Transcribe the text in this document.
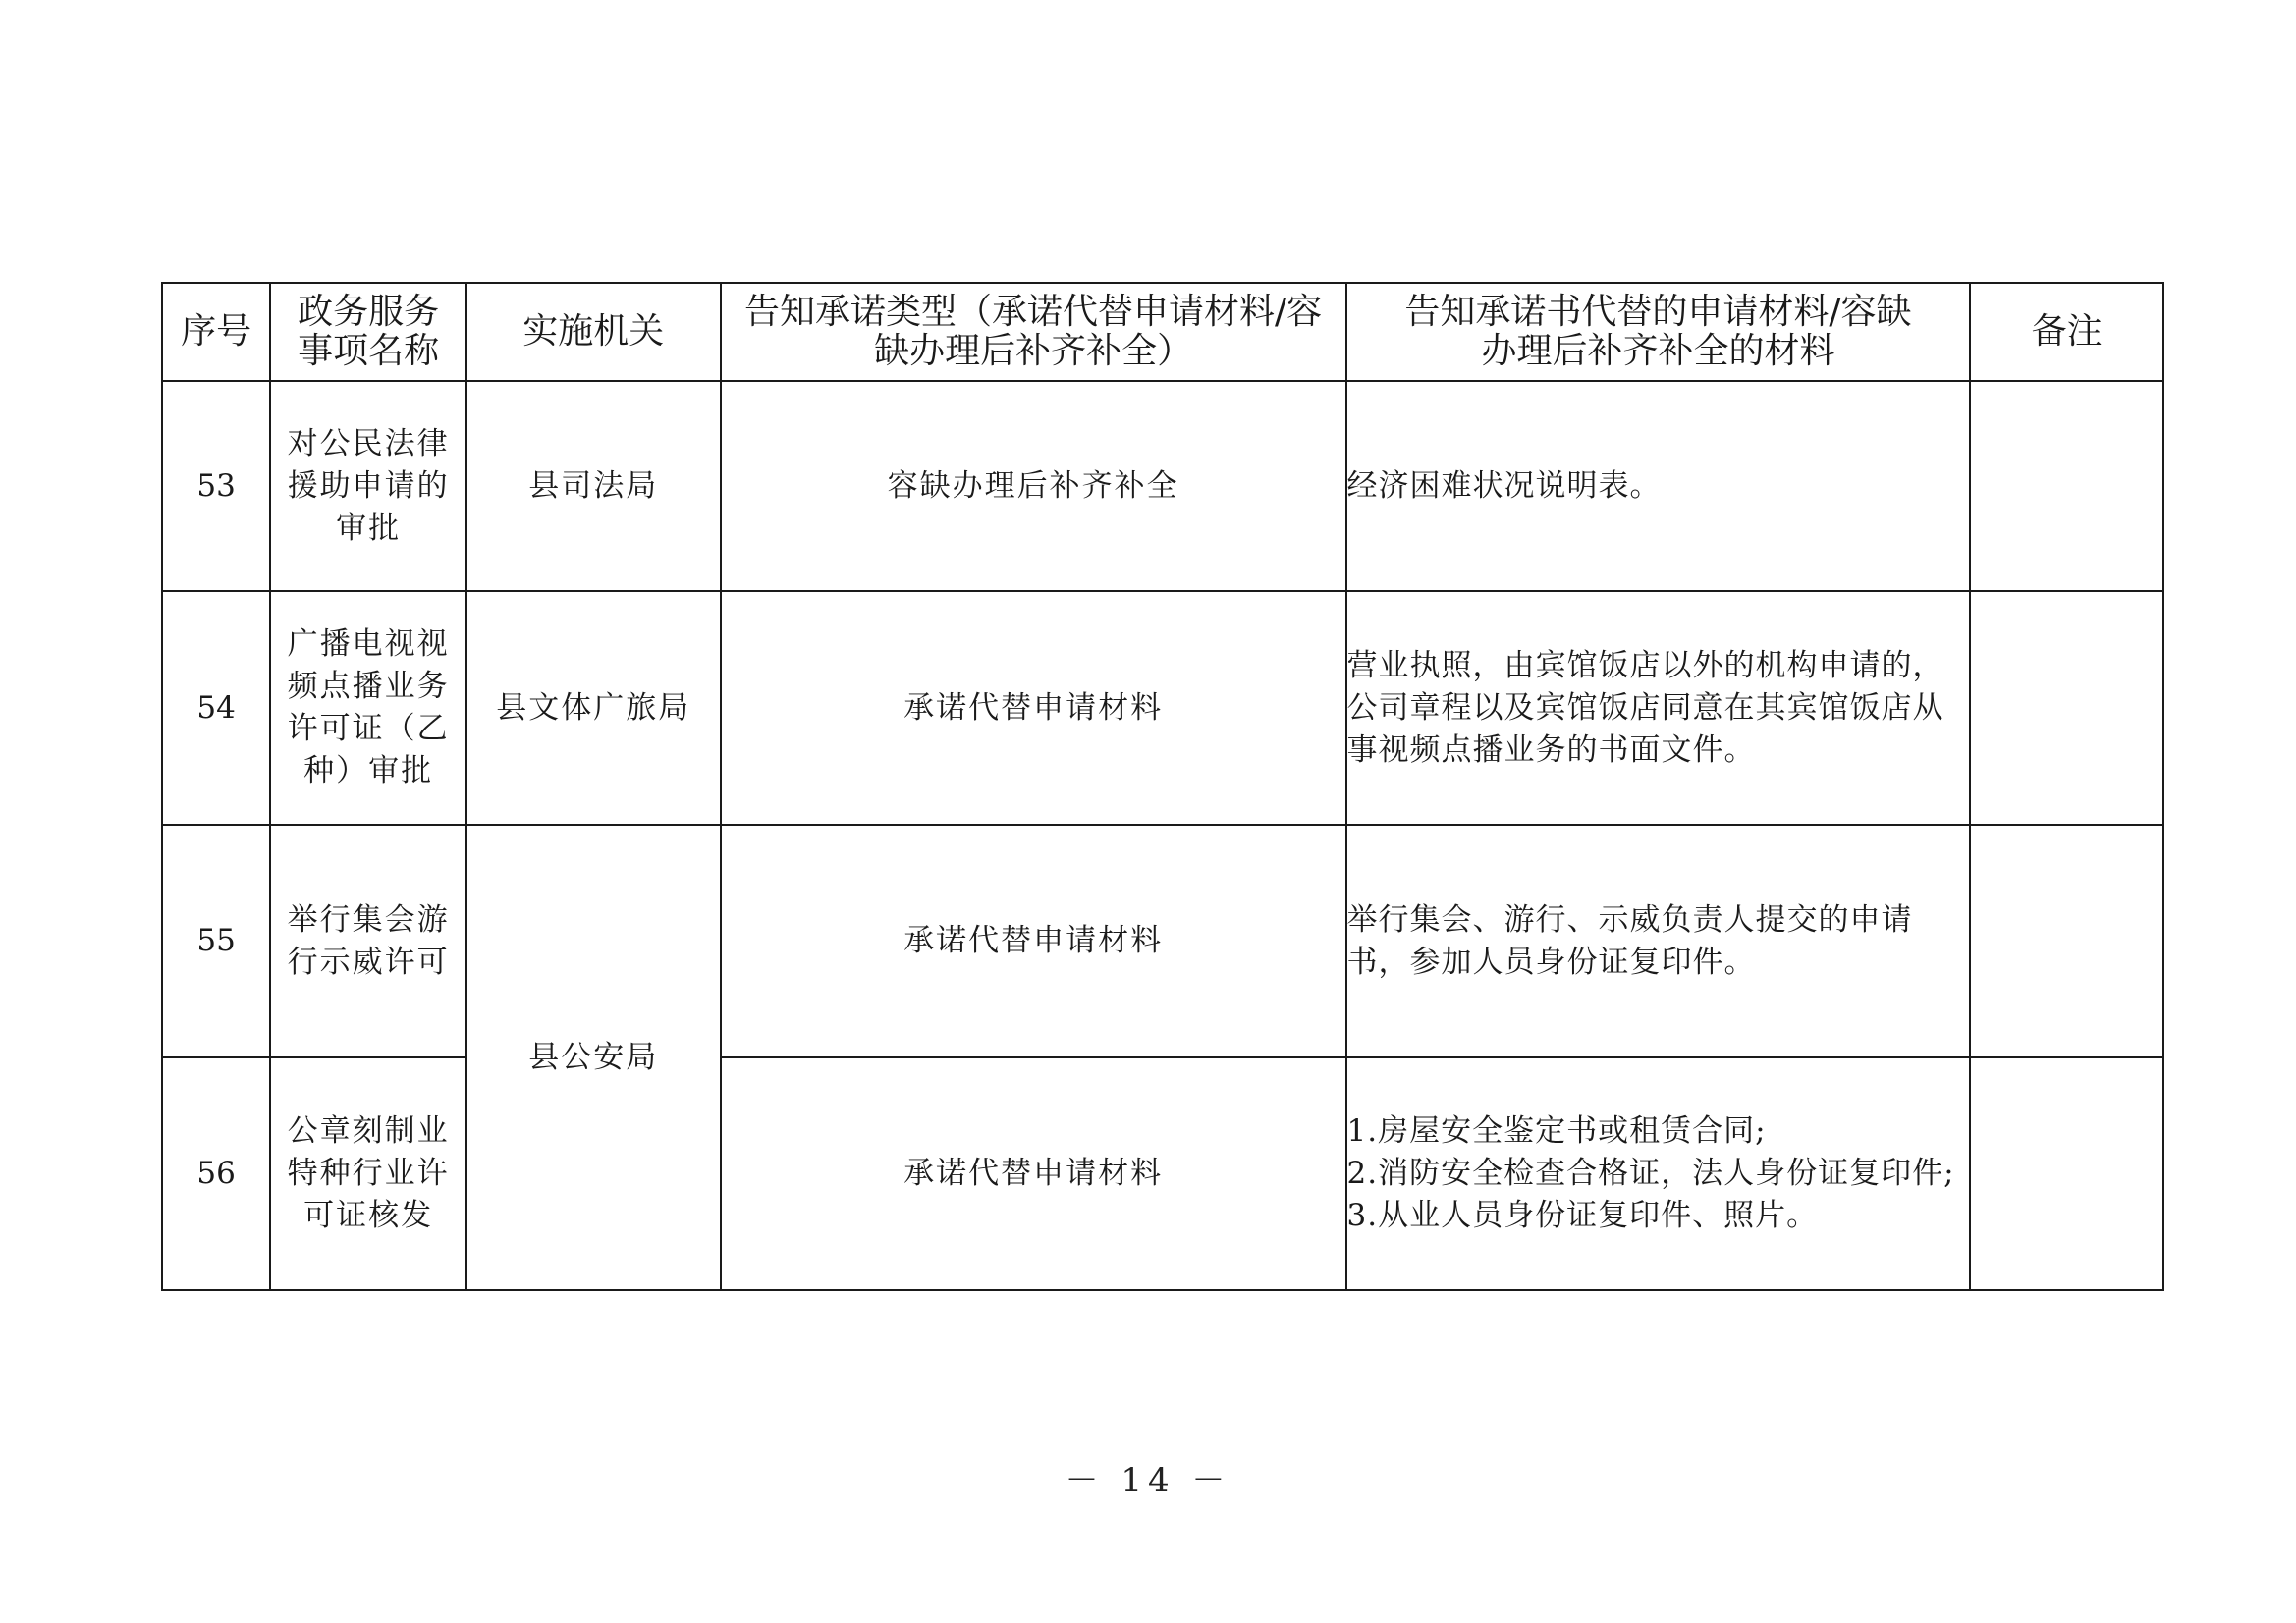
序号	政务服务事项名称	实施机关	告知承诺类型（承诺代替申请材料/容缺办理后补齐补全）	告知承诺书代替的申请材料/容缺办理后补齐补全的材料	备注
53	对公民法律援助申请的审批	县司法局	容缺办理后补齐补全	经济困难状况说明表。	

54	广播电视视频点播业务许可证（乙种）审批	县文体广旅局	承诺代替申请材料	营业执照，由宾馆饭店以外的机构申请的，公司章程以及宾馆饭店同意在其宾馆饭店从事视频点播业务的书面文件。	

55	举行集会游行示威许可	县公安局	承诺代替申请材料	举行集会、游行、示威负责人提交的申请书，参加人员身份证复印件。	

56	公章刻制业特种行业许可证核发		承诺代替申请材料	1.房屋安全鉴定书或租赁合同;
2.消防安全检查合格证，法人身份证复印件;
3.从业人员身份证复印件、照片。	

－ 14 －
